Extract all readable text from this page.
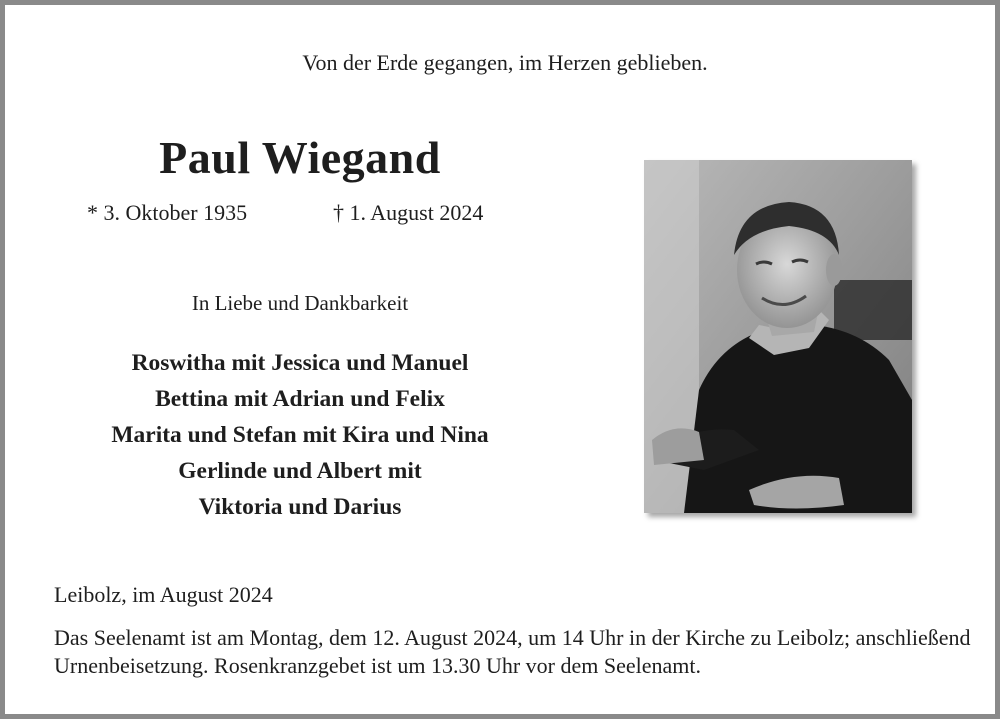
Von der Erde gegangen, im Herzen geblieben.
Paul Wiegand
* 3. Oktober 1935	† 1. August 2024
In Liebe und Dankbarkeit
Roswitha mit Jessica und Manuel
Bettina mit Adrian und Felix
Marita und Stefan mit Kira und Nina
Gerlinde und Albert mit
Viktoria und Darius
Leibolz, im August 2024

Das Seelenamt ist am Montag, dem 12. August 2024, um 14 Uhr in der Kirche zu Leibolz; anschließend Urnenbeisetzung. Rosenkranzgebet ist um 13.30 Uhr vor dem Seelenamt.
